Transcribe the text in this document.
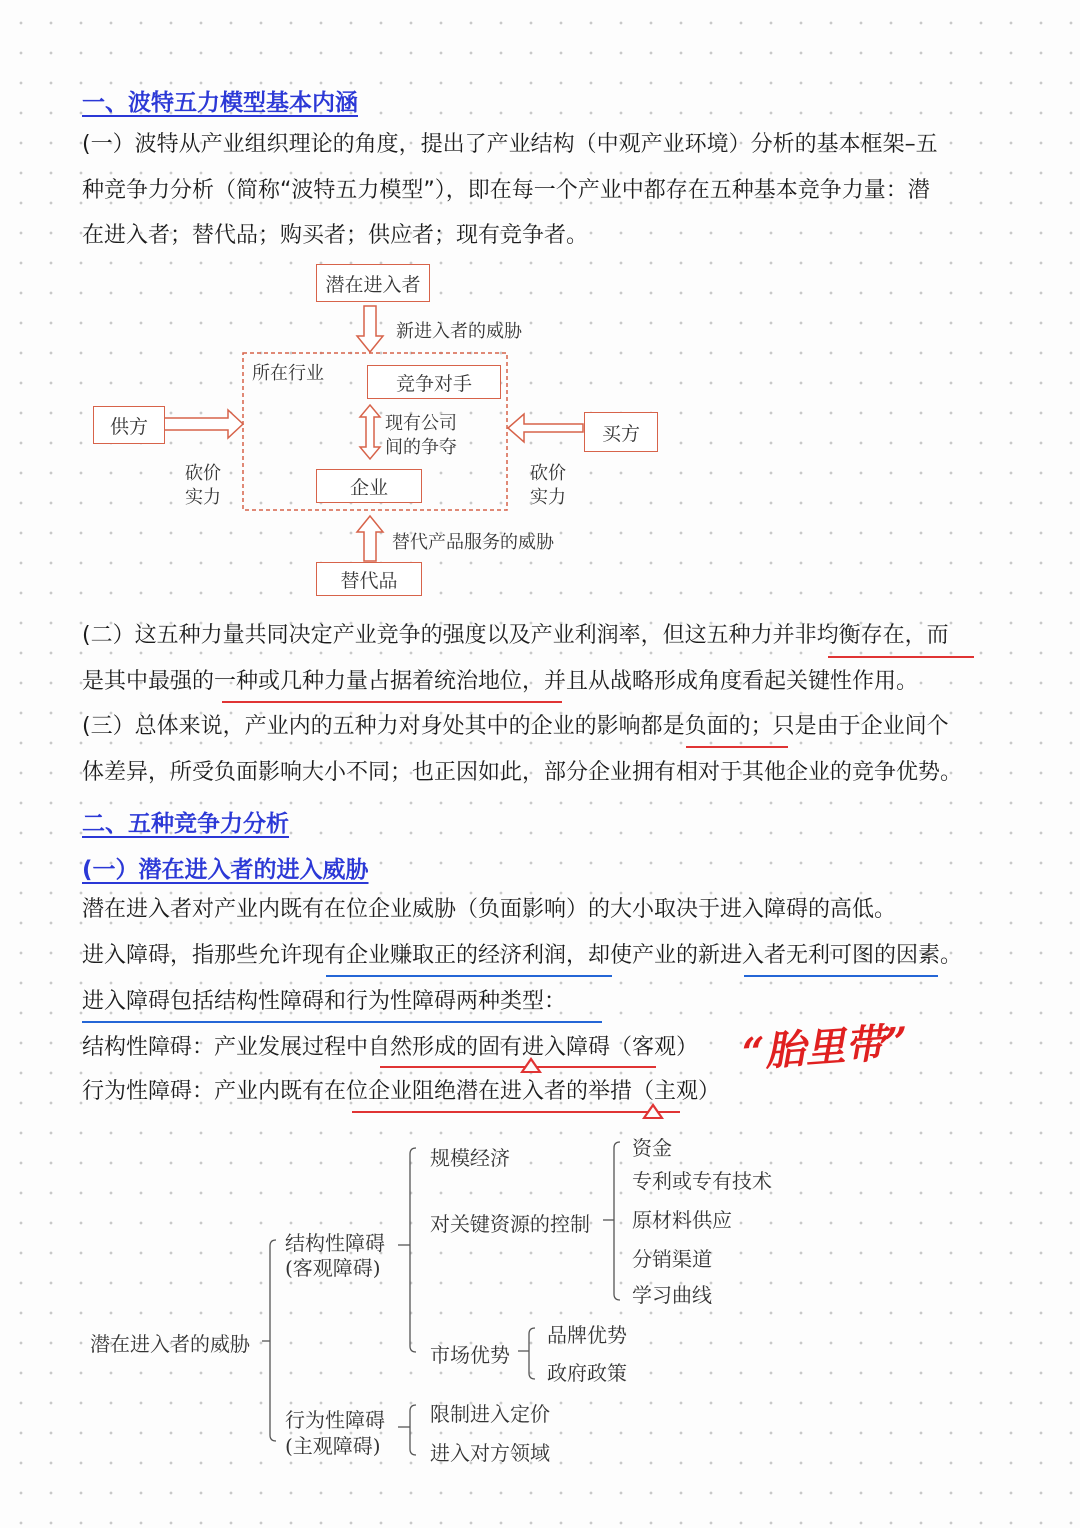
一、波特五力模型基本内涵
(一）波特从产业组织理论的角度，提出了产业结构（中观产业环境）分析的基本框架–五
种竞争力分析（简称“波特五力模型”），即在每一个产业中都存在五种基本竞争力量：潜
在进入者；替代品；购买者；供应者；现有竞争者。
潜在进入者
新进入者的威胁
所在行业	竞争对手
现有公司
间的争夺
企业
供方	买方
砍价
实力
砍价
实力
替代产品服务的威胁
替代品
(二）这五种力量共同决定产业竞争的强度以及产业利润率，但这五种力并非均衡存在，而
是其中最强的一种或几种力量占据着统治地位，并且从战略形成角度看起关键性作用。
(三）总体来说，产业内的五种力对身处其中的企业的影响都是负面的；只是由于企业间个
体差异，所受负面影响大小不同；也正因如此，部分企业拥有相对于其他企业的竞争优势。
二、五种竞争力分析
(一）潜在进入者的进入威胁
潜在进入者对产业内既有在位企业威胁（负面影响）的大小取决于进入障碍的高低。
进入障碍，指那些允许现有企业赚取正的经济利润，却使产业的新进入者无利可图的因素。
进入障碍包括结构性障碍和行为性障碍两种类型：
结构性障碍：产业发展过程中自然形成的固有进入障碍（客观） “胎里带”
行为性障碍：产业内既有在位企业阻绝潜在进入者的举措（主观）
潜在进入者的威胁
结构性障碍
(客观障碍)
行为性障碍
(主观障碍)
规模经济
对关键资源的控制
市场优势
资金
专利或专有技术
原材料供应
分销渠道
学习曲线
品牌优势
政府政策
限制进入定价
进入对方领域
